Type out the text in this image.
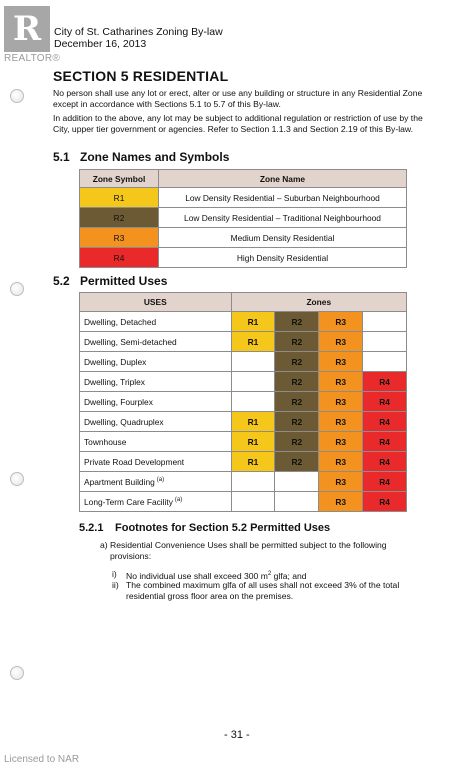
R
REALTOR®
City of St. Catharines Zoning By-law
December 16, 2013
SECTION 5 RESIDENTIAL
No person shall use any lot or erect, alter or use any building or structure in any Residential Zone except in accordance with Sections 5.1 to 5.7 of this By-law.
In addition to the above, any lot may be subject to additional regulation or restriction of use by the City, upper tier government or agencies. Refer to Section 1.1.3 and Section 2.19 of this By-law.
5.1 Zone Names and Symbols
Zone Symbol	Zone Name
R1	Low Density Residential – Suburban Neighbourhood
R2	Low Density Residential – Traditional Neighbourhood
R3	Medium Density Residential
R4	High Density Residential
5.2 Permitted Uses
USES	Zones			
Dwelling, Detached	R1	R2	R3	
Dwelling, Semi-detached	R1	R2	R3	
Dwelling, Duplex		R2	R3	
Dwelling, Triplex		R2	R3	R4
Dwelling, Fourplex		R2	R3	R4
Dwelling, Quadruplex	R1	R2	R3	R4
Townhouse	R1	R2	R3	R4
Private Road Development	R1	R2	R3	R4
Apartment Building $^{(a)}$			R3	R4
Long-Term Care Facility $^{(a)}$			R3	R4
5.2.1 Footnotes for Section 5.2 Permitted Uses
a) Residential Convenience Uses shall be permitted subject to the following provisions:
i) No individual use shall exceed 300 $m^2$ glfa; and
ii) The combined maximum glfa of all uses shall not exceed 3% of the total residential gross floor area on the premises.
- 31 -
Licensed to NAR
